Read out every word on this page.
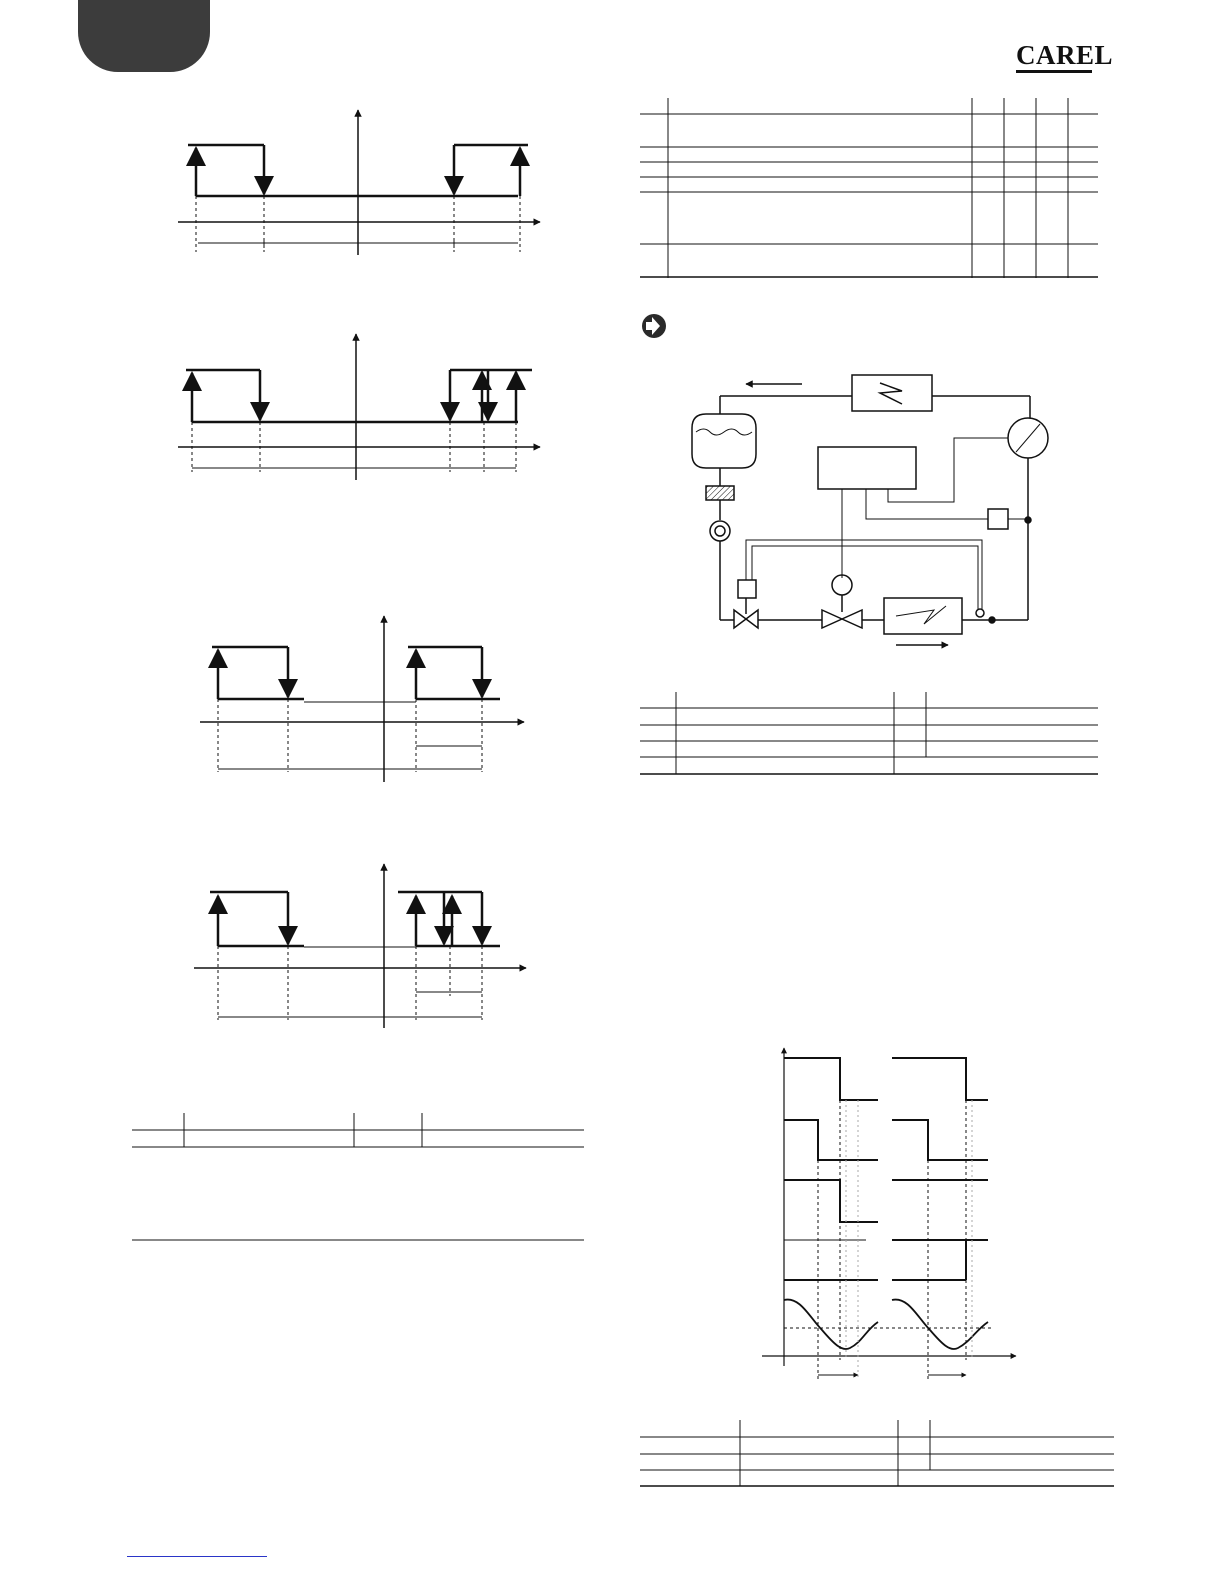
CAREL
